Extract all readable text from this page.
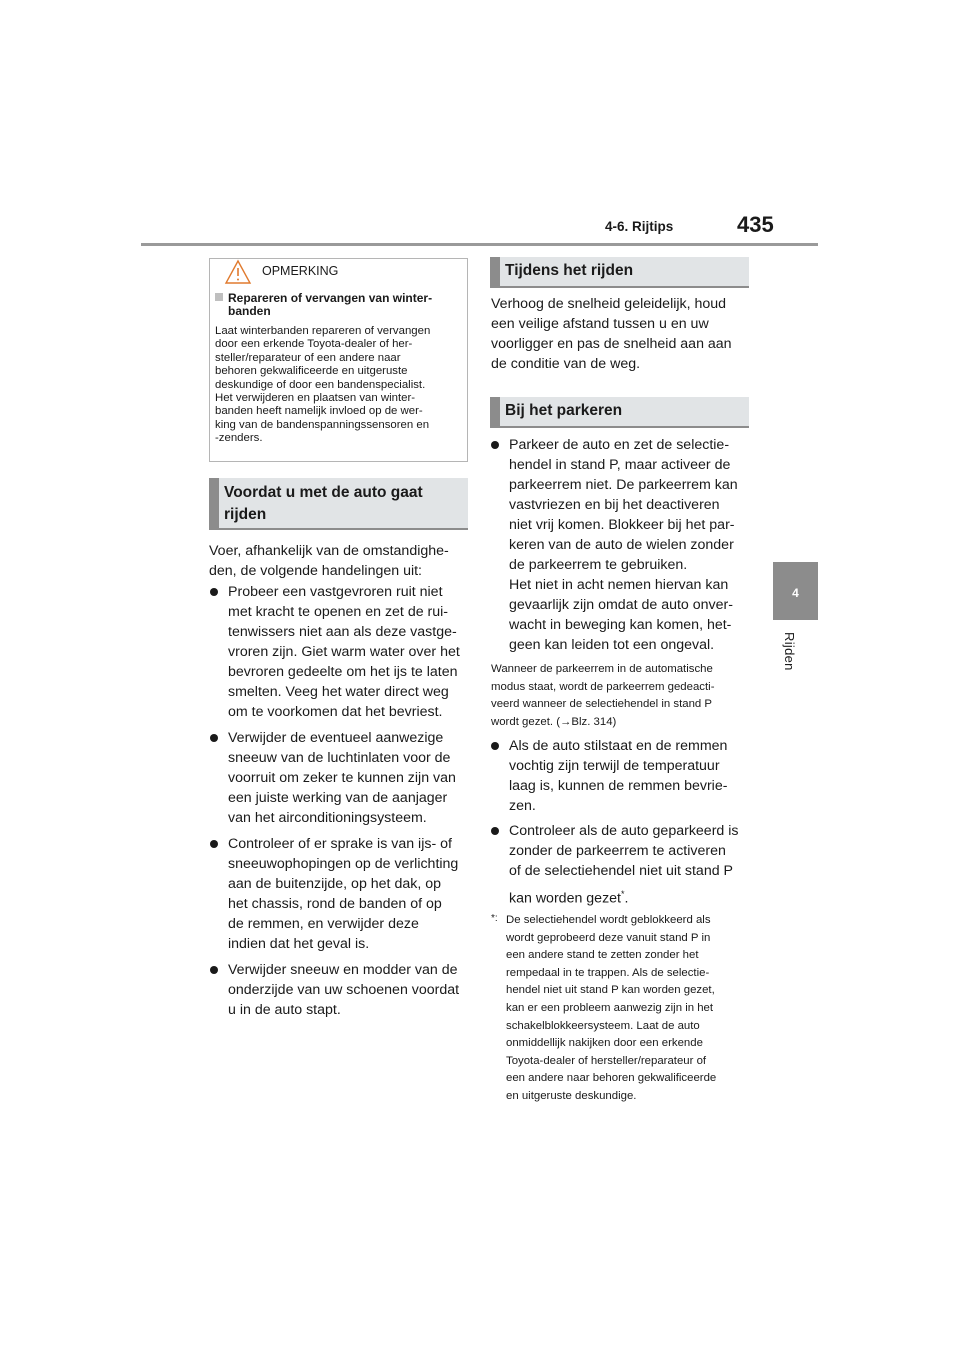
4-6. Rijtips	435
4
Rijden
OPMERKING
Repareren of vervangen van winter-
banden
Laat winterbanden repareren of vervangen
door een erkende Toyota-dealer of her-
steller/reparateur of een andere naar
behoren gekwalificeerde en uitgeruste
deskundige of door een bandenspecialist.
Het verwijderen en plaatsen van winter-
banden heeft namelijk invloed op de wer-
king van de bandenspanningssensoren en
-zenders.
Voordat u met de auto gaat
rijden
Voer, afhankelijk van de omstandighe-
den, de volgende handelingen uit:
Probeer een vastgevroren ruit niet
met kracht te openen en zet de rui-
tenwissers niet aan als deze vastge-
vroren zijn. Giet warm water over het
bevroren gedeelte om het ijs te laten
smelten. Veeg het water direct weg
om te voorkomen dat het bevriest.
Verwijder de eventueel aanwezige
sneeuw van de luchtinlaten voor de
voorruit om zeker te kunnen zijn van
een juiste werking van de aanjager
van het airconditioningsysteem.
Controleer of er sprake is van ijs- of
sneeuwophopingen op de verlichting
aan de buitenzijde, op het dak, op
het chassis, rond de banden of op
de remmen, en verwijder deze
indien dat het geval is.
Verwijder sneeuw en modder van de
onderzijde van uw schoenen voordat
u in de auto stapt.
Tijdens het rijden
Verhoog de snelheid geleidelijk, houd
een veilige afstand tussen u en uw
voorligger en pas de snelheid aan aan
de conditie van de weg.
Bij het parkeren
Parkeer de auto en zet de selectie-
hendel in stand P, maar activeer de
parkeerrem niet. De parkeerrem kan
vastvriezen en bij het deactiveren
niet vrij komen. Blokkeer bij het par-
keren van de auto de wielen zonder
de parkeerrem te gebruiken.
Het niet in acht nemen hiervan kan
gevaarlijk zijn omdat de auto onver-
wacht in beweging kan komen, het-
geen kan leiden tot een ongeval.
Wanneer de parkeerrem in de automatische
modus staat, wordt de parkeerrem gedeacti-
veerd wanneer de selectiehendel in stand P
wordt gezet. (→Blz. 314)
Als de auto stilstaat en de remmen
vochtig zijn terwijl de temperatuur
laag is, kunnen de remmen bevrie-
zen.
Controleer als de auto geparkeerd is
zonder de parkeerrem te activeren
of de selectiehendel niet uit stand P
kan worden gezet*.
*: De selectiehendel wordt geblokkeerd als
wordt geprobeerd deze vanuit stand P in
een andere stand te zetten zonder het
rempedaal in te trappen. Als de selectie-
hendel niet uit stand P kan worden gezet,
kan er een probleem aanwezig zijn in het
schakelblokkeersysteem. Laat de auto
onmiddellijk nakijken door een erkende
Toyota-dealer of hersteller/reparateur of
een andere naar behoren gekwalificeerde
en uitgeruste deskundige.
